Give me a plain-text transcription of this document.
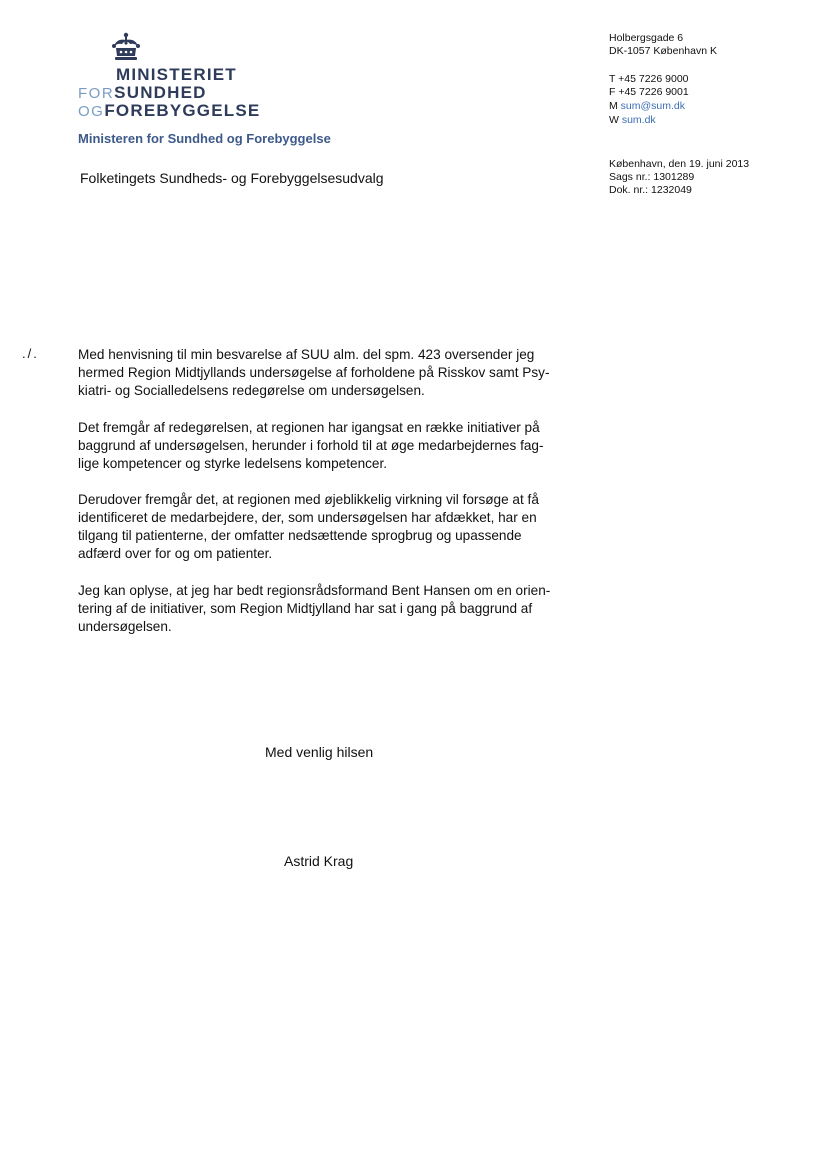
MINISTERIET
FORSUNDHED
OGFOREBYGGELSE
Ministeren for Sundhed og Forebyggelse
Folketingets Sundheds- og Forebyggelsesudvalg
Holbergsgade 6
DK-1057 København K
T +45 7226 9000
F +45 7226 9001
M sum@sum.dk
W sum.dk
København, den 19. juni 2013
Sags nr.: 1301289
Dok. nr.: 1232049
./.	Med henvisning til min besvarelse af SUU alm. del spm. 423 oversender jeg
hermed Region Midtjyllands undersøgelse af forholdene på Risskov samt Psy-
kiatri- og Socialledelsens redegørelse om undersøgelsen.
Det fremgår af redegørelsen, at regionen har igangsat en række initiativer på
baggrund af undersøgelsen, herunder i forhold til at øge medarbejdernes fag-
lige kompetencer og styrke ledelsens kompetencer.
Derudover fremgår det, at regionen med øjeblikkelig virkning vil forsøge at få
identificeret de medarbejdere, der, som undersøgelsen har afdækket, har en
tilgang til patienterne, der omfatter nedsættende sprogbrug og upassende
adfærd over for og om patienter.
Jeg kan oplyse, at jeg har bedt regionsrådsformand Bent Hansen om en orien-
tering af de initiativer, som Region Midtjylland har sat i gang på baggrund af
undersøgelsen.
Med venlig hilsen
Astrid Krag
